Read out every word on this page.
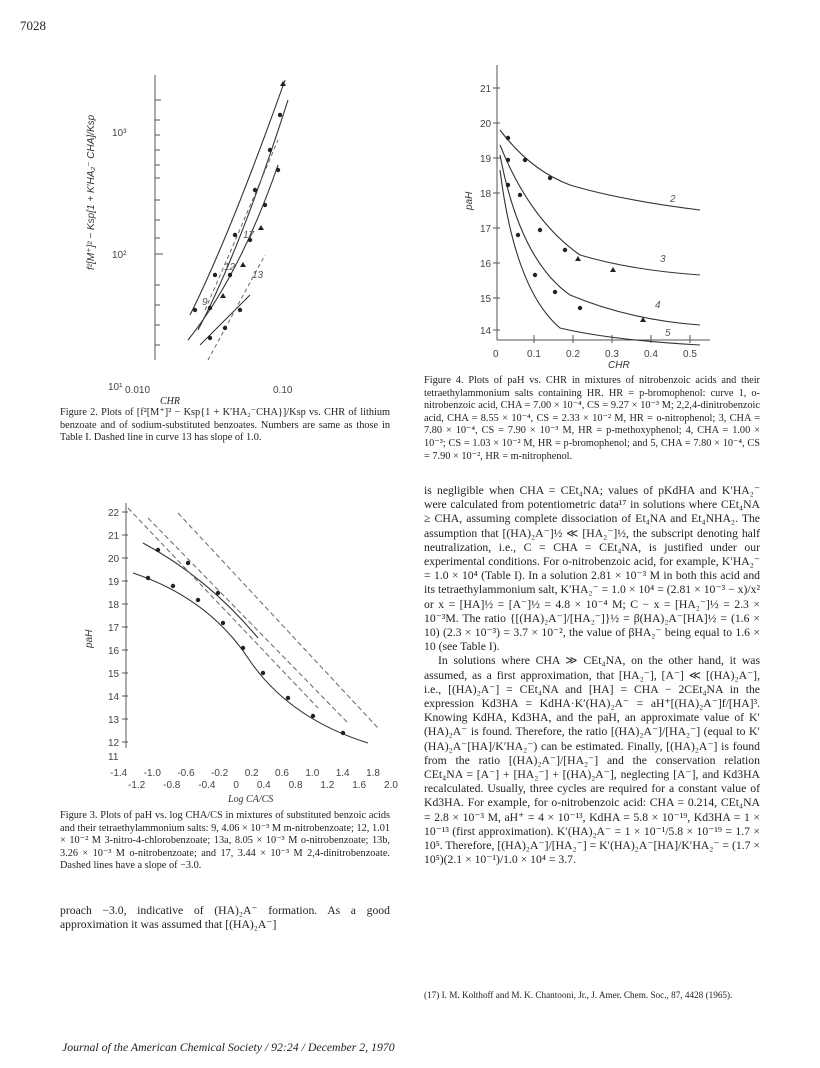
7028
10³
10²
10¹ 0.010	0.10
9
12
17
13
f²[M⁺]² − Ksp[1 + K′HA₂⁻ CHA]/Ksp
CHR
Figure 2. Plots of [f²[M⁺]² − Ksp{1 + K′HA₂⁻CHA}]/Ksp vs. CHR of lithium benzoate and of sodium-substituted benzoates. Numbers are same as those in Table I. Dashed line in curve 13 has slope of 1.0.
21
20
19
18
17
16
15
14
0	0.1	0.2	0.3	0.4	0.5
2
3
4
5
paH
CHR
Figure 4. Plots of paH vs. CHR in mixtures of nitrobenzoic acids and their tetraethylammonium salts containing HR. HR = p-bromophenol: curve 1, o-nitrobenzoic acid, CHA = 7.00 × 10⁻⁴, CS = 9.27 × 10⁻³ M; 2,2,4-dinitrobenzoic acid, CHA = 8.55 × 10⁻⁴, CS = 2.33 × 10⁻² M, HR = o-nitrophenol; 3, CHA = 7.80 × 10⁻⁴, CS = 7.90 × 10⁻³ M, HR = p-methoxyphenol; 4, CHA = 1.00 × 10⁻³; CS = 1.03 × 10⁻² M, HR = p-bromophenol; and 5, CHA = 7.80 × 10⁻⁴, CS = 7.90 × 10⁻², HR = m-nitrophenol.
22
21
20
19
18
17
16
15
14
13
12
paH
11
-1.4 -1.0 -0.6 -0.2 0.2 0.6 1.0 1.4 1.8
-1.2 -0.8 -0.4 0 0.4 0.8 1.2 1.6 2.0
Log CA/CS
Figure 3. Plots of paH vs. log CHA/CS in mixtures of substituted benzoic acids and their tetraethylammonium salts: 9, 4.06 × 10⁻³ M m-nitrobenzoate; 12, 1.01 × 10⁻² M 3-nitro-4-chlorobenzoate; 13a, 8.05 × 10⁻³ M o-nitrobenzoate; 13b, 3.26 × 10⁻³ M o-nitrobenzoate; and 17, 3.44 × 10⁻³ M 2,4-dinitrobenzoate. Dashed lines have a slope of −3.0.

proach −3.0, indicative of (HA)₂A⁻ formation. As a good approximation it was assumed that [(HA)₂A⁻]

is negligible when CHA = CEt₄NA; values of pKdHA and K′HA₂⁻ were calculated from potentiometric data¹⁷ in solutions where CEt₄NA ≥ CHA, assuming complete dissociation of Et₄NA and Et₄NHA₂. The assumption that [(HA)₂A⁻]½ ≪ [HA₂⁻]½, the subscript denoting half neutralization, i.e., C = CHA = CEt₄NA, is justified under our experimental conditions. For o-nitrobenzoic acid, for example, K′HA₂⁻ = 1.0 × 10⁴ (Table I). In a solution 2.81 × 10⁻³ M in both this acid and its tetraethylammonium salt, K′HA₂⁻ = 1.0 × 10⁴ = (2.81 × 10⁻³ − x)/x² or x = [HA]½ = [A⁻]½ = 4.8 × 10⁻⁴ M; C − x = [HA₂⁻]½ = 2.3 × 10⁻³M. The ratio {[(HA)₂A⁻]/[HA₂⁻]}½ = β(HA)₂A⁻[HA]½ = (1.6 × 10) (2.3 × 10⁻³) = 3.7 × 10⁻², the value of βHA₂⁻ being equal to 1.6 × 10 (see Table I).

In solutions where CHA ≫ CEt₄NA, on the other hand, it was assumed, as a first approximation, that [HA₂⁻], [A⁻] ≪ [(HA)₂A⁻], i.e., [(HA)₂A⁻] = CEt₄NA and [HA] = CHA − 2CEt₄NA in the expression Kd3HA = KdHA·K′(HA)₂A⁻ = aH⁺[(HA)₂A⁻]f/[HA]³. Knowing KdHA, Kd3HA, and the paH, an approximate value of K′(HA)₂A⁻ is found. Therefore, the ratio [(HA)₂A⁻]/[HA₂⁻] (equal to K′(HA)₂A⁻[HA]/K′HA₂⁻) can be estimated. Finally, [(HA)₂A⁻] is found from the ratio [(HA)₂A⁻]/[HA₂⁻] and the conservation relation CEt₄NA = [A⁻] + [HA₂⁻] + [(HA)₂A⁻], neglecting [A⁻], and Kd3HA recalculated. Usually, three cycles are required for a constant value of Kd3HA. For example, for o-nitrobenzoic acid: CHA = 0.214, CEt₄NA = 2.8 × 10⁻³ M, aH⁺ = 4 × 10⁻¹³, KdHA = 5.8 × 10⁻¹⁹, Kd3HA = 1 × 10⁻¹³ (first approximation). K′(HA)₂A⁻ = 1 × 10⁻¹/5.8 × 10⁻¹⁹ = 1.7 × 10⁵. Therefore, [(HA)₂A⁻]/[HA₂⁻] = K′(HA)₂A⁻[HA]/K′HA₂⁻ = (1.7 × 10⁵)(2.1 × 10⁻¹)/1.0 × 10⁴ = 3.7.

(17) I. M. Kolthoff and M. K. Chantooni, Jr., J. Amer. Chem. Soc., 87, 4428 (1965).
Journal of the American Chemical Society / 92:24 / December 2, 1970
